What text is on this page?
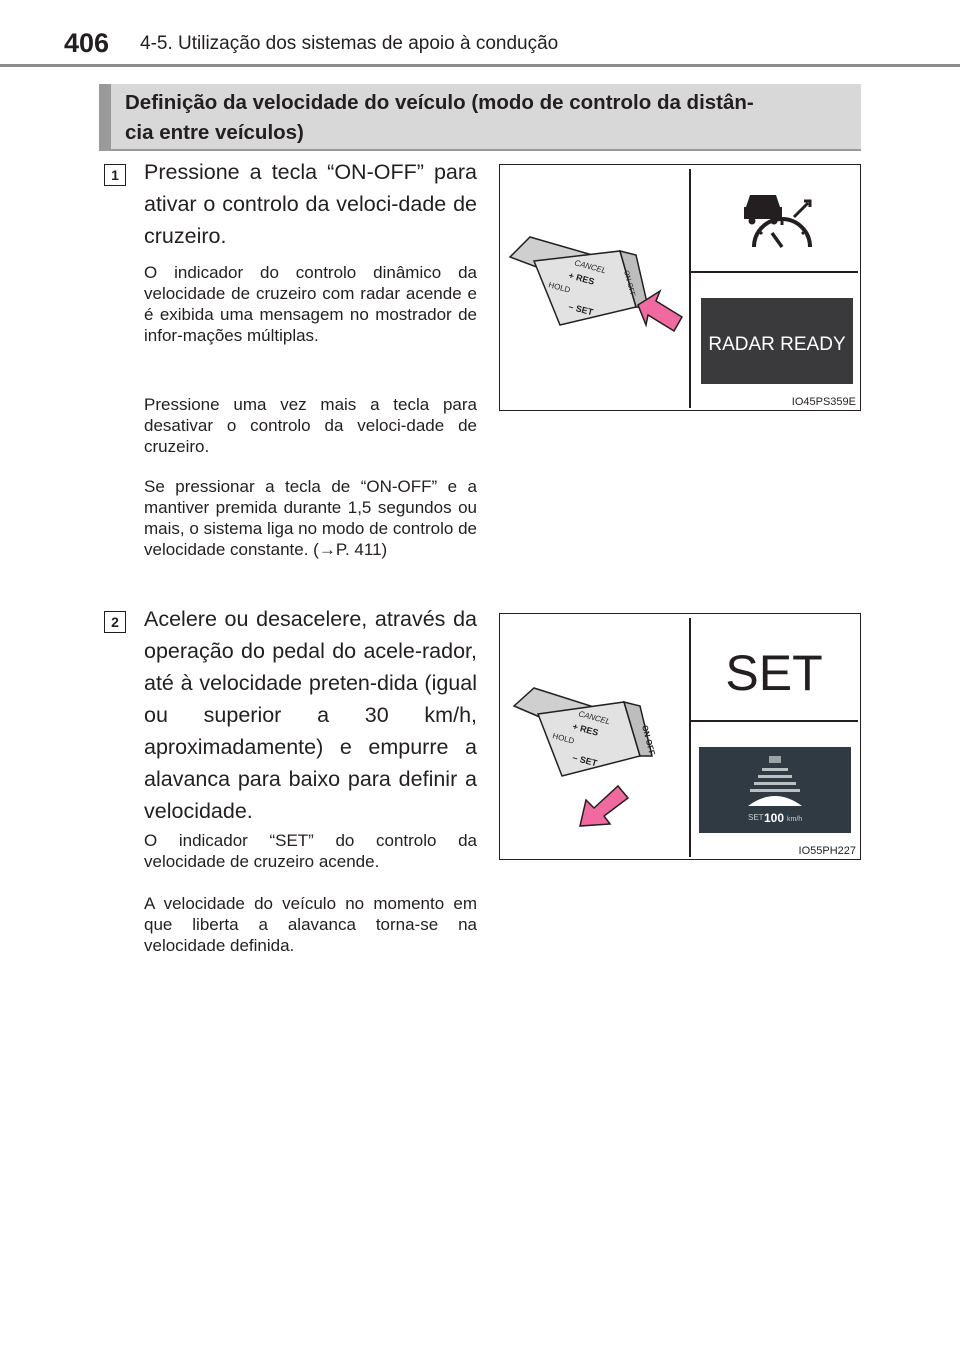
406 4-5. Utilização dos sistemas de apoio à condução
Definição da velocidade do veículo (modo de controlo da distân-
cia entre veículos)
1	Pressione a tecla “ON-OFF” para ativar o controlo da veloci-dade de cruzeiro.
O indicador do controlo dinâmico da velocidade de cruzeiro com radar acende e é exibida uma mensagem no mostrador de infor-mações múltiplas.
Pressione uma vez mais a tecla para desativar o controlo da veloci-dade de cruzeiro.
Se pressionar a tecla de “ON-OFF” e a mantiver premida durante 1,5 segundos ou mais, o sistema liga no modo de controlo de velocidade constante. (→P. 411)
RADAR READY
CANCEL
+ RES
HOLD
– SET
ON-OFF
IO45PS359E
2	Acelere ou desacelere, através da operação do pedal do acele-rador, até à velocidade preten-dida (igual ou superior a 30 km/h, aproximadamente) e empurre a alavanca para baixo para definir a velocidade.
O indicador “SET” do controlo da velocidade de cruzeiro acende.
A velocidade do veículo no momento em que liberta a alavanca torna-se na velocidade definida.
SET
SET 100 km/h
CANCEL
+ RES
HOLD
– SET
ON-OFF
IO55PH227
